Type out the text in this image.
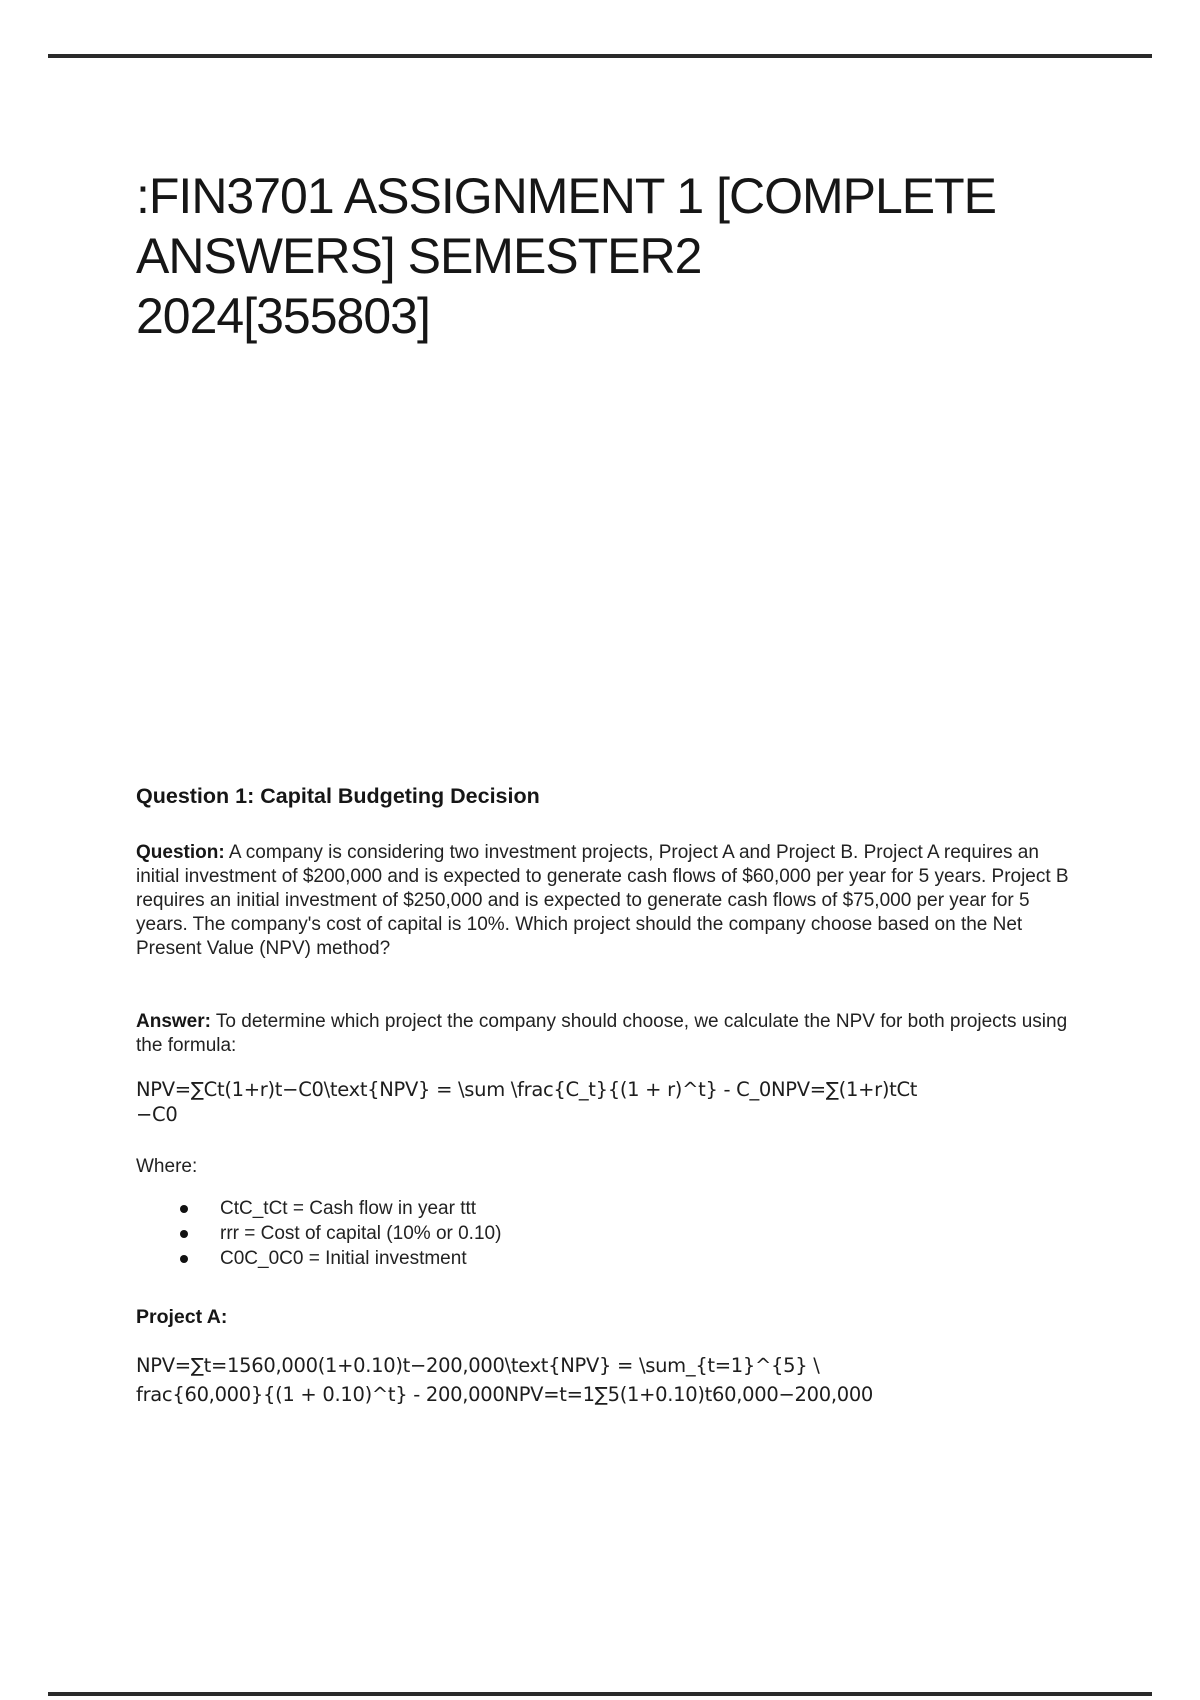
:FIN3701 ASSIGNMENT 1 [COMPLETE
ANSWERS] SEMESTER2
2024[355803]
Question 1: Capital Budgeting Decision

Question: A company is considering two investment projects, Project A and Project B. Project A requires an initial investment of $200,000 and is expected to generate cash flows of $60,000 per year for 5 years. Project B requires an initial investment of $250,000 and is expected to generate cash flows of $75,000 per year for 5 years. The company's cost of capital is 10%. Which project should the company choose based on the Net Present Value (NPV) method?

Answer: To determine which project the company should choose, we calculate the NPV for both projects using the formula:

NPV=∑Ct(1+r)t−C0\text{NPV} = \sum \frac{C_t}{(1 + r)^t} - C_0NPV=∑(1+r)tCt
−C0

Where:

CtC_tCt = Cash flow in year ttt
rrr = Cost of capital (10% or 0.10)
C0C_0C0 = Initial investment
Project A:

NPV=∑t=1560,000(1+0.10)t−200,000\text{NPV} = \sum_{t=1}^{5} \
frac{60,000}{(1 + 0.10)^t} - 200,000NPV=t=1∑5(1+0.10)t60,000−200,000
